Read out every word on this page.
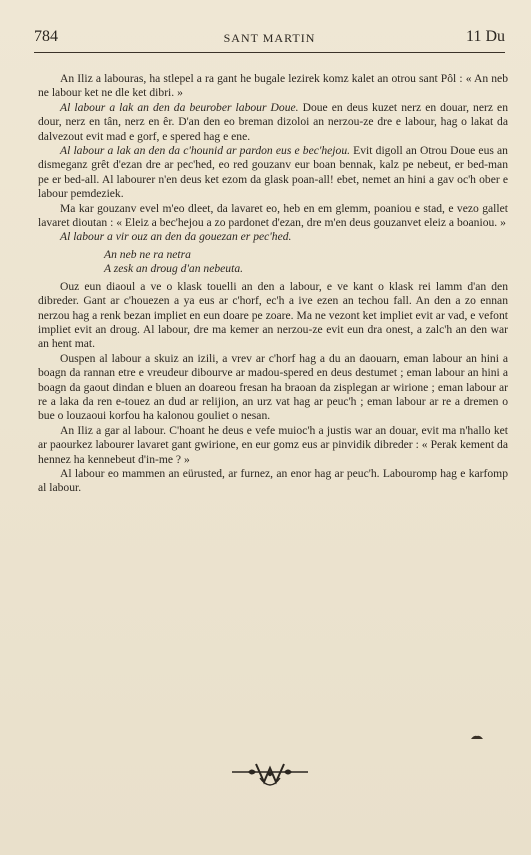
784	SANT MARTIN	11 Du

An Iliz a labouras, ha stlepel a ra gant he bugale lezirek komz kalet an otrou sant Pôl : « An neb ne labour ket ne dle ket dibri. »

Al labour a lak an den da beurober labour Doue. Doue en deus kuzet nerz en douar, nerz en dour, nerz en tân, nerz en êr. D'an den eo breman dizoloi an nerzou-ze dre e labour, hag o lakat da dalvezout evit mad e gorf, e spered hag e ene.

Al labour a lak an den da c'hounid ar pardon eus e bec'hejou. Evit digoll an Otrou Doue eus an dismeganz grêt d'ezan dre ar pec'hed, eo red gouzanv eur boan bennak, kalz pe nebeut, er bed-man pe er bed-all. Al labourer n'en deus ket ezom da glask poan-all! ebet, nemet an hini a gav oc'h ober e labour pemdeziek.

Ma kar gouzanv evel m'eo dleet, da lavaret eo, heb en em glemm, poaniou e stad, e vezo gallet lavaret dioutan : « Eleiz a bec'hejou a zo pardonet d'ezan, dre m'en deus gouzanvet eleiz a boaniou. »

Al labour a vir ouz an den da gouezan er pec'hed.

An neb ne ra netra

A zesk an droug d'an nebeuta.

Ouz eun diaoul a ve o klask touelli an den a labour, e ve kant o klask rei lamm d'an den dibreder. Gant ar c'houezen a ya eus ar c'horf, ec'h a ive ezen an techou fall. An den a zo ennan nerzou hag a renk bezan impliet en eun doare pe zoare. Ma ne vezont ket impliet evit ar vad, e vefont impliet evit an droug. Al labour, dre ma kemer an nerzou-ze evit eun dra onest, a zalc'h an den war an hent mat.

Ouspen al labour a skuiz an izili, a vrev ar c'horf hag a du an daouarn, eman labour an hini a boagn da rannan etre e vreudeur dibourve ar madou-spered en deus destumet ; eman labour an hini a boagn da gaout dindan e bluen an doareou fresan ha braoan da zisplegan ar wirione ; eman labour ar re a laka da ren e-touez an dud ar relijion, an urz vat hag ar peuc'h ; eman labour ar re a dremen o bue o louzaoui korfou ha kalonou gouliet o nesan.

An Iliz a gar al labour. C'hoant he deus e vefe muioc'h a justis war an douar, evit ma n'hallo ket ar paourkez labourer lavaret gant gwirione, en eur gomz eus ar pinvidik dibreder : « Perak kement da hennez ha kennebeut d'in-me ? »

Al labour eo mammen an eürusted, ar furnez, an enor hag ar peuc'h. Labouromp hag e karfomp al labour.
